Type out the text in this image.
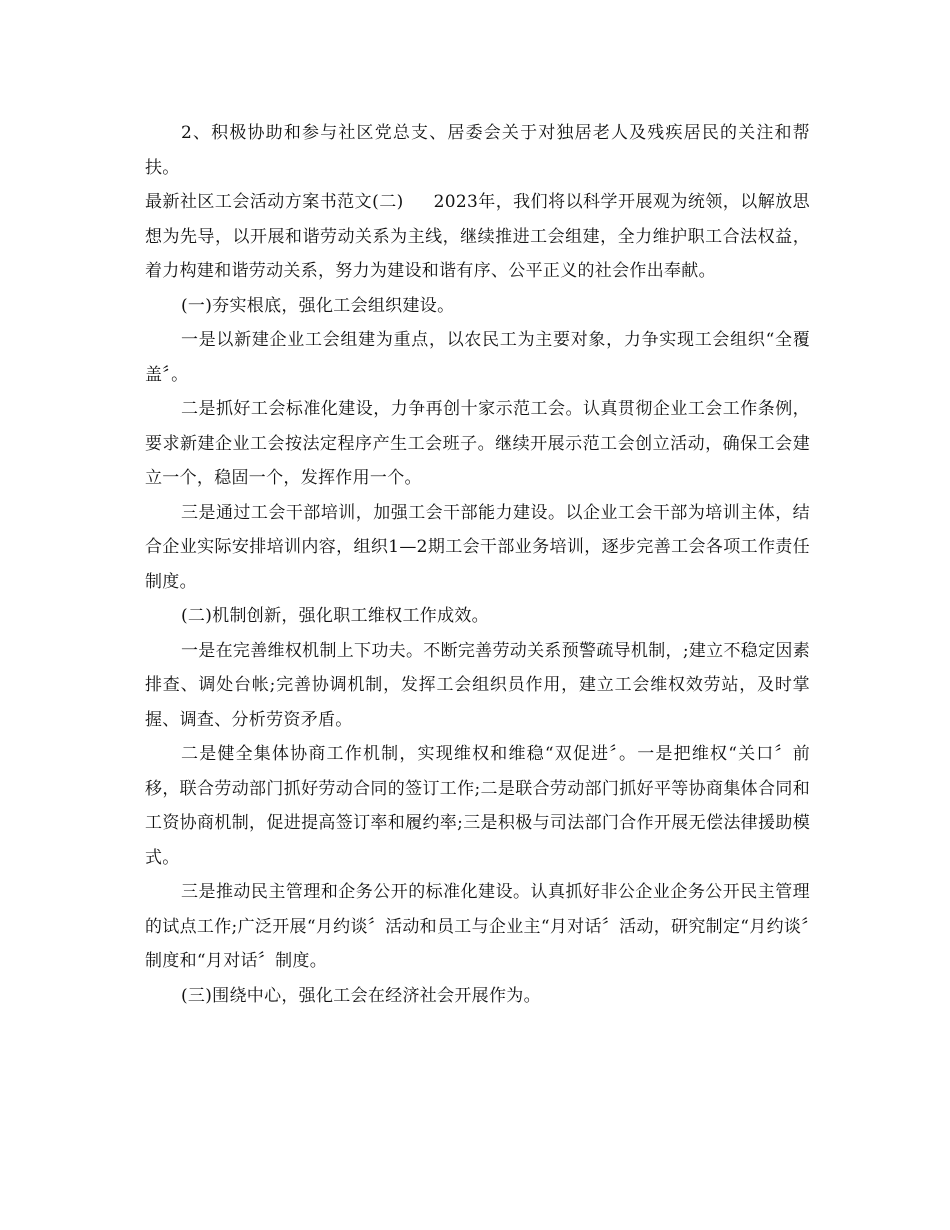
2、积极协助和参与社区党总支、居委会关于对独居老人及残疾居民的关注和帮扶。

最新社区工会活动方案书范文(二) 2023年，我们将以科学开展观为统领，以解放思想为先导，以开展和谐劳动关系为主线，继续推进工会组建，全力维护职工合法权益，着力构建和谐劳动关系，努力为建设和谐有序、公平正义的社会作出奉献。

(一)夯实根底，强化工会组织建设。

一是以新建企业工会组建为重点，以农民工为主要对象，力争实现工会组织“全覆盖〞。

二是抓好工会标准化建设，力争再创十家示范工会。认真贯彻企业工会工作条例，要求新建企业工会按法定程序产生工会班子。继续开展示范工会创立活动，确保工会建立一个，稳固一个，发挥作用一个。

三是通过工会干部培训，加强工会干部能力建设。以企业工会干部为培训主体，结合企业实际安排培训内容，组织1—2期工会干部业务培训，逐步完善工会各项工作责任制度。

(二)机制创新，强化职工维权工作成效。

一是在完善维权机制上下功夫。不断完善劳动关系预警疏导机制，;建立不稳定因素排查、调处台帐;完善协调机制，发挥工会组织员作用，建立工会维权效劳站，及时掌握、调查、分析劳资矛盾。

二是健全集体协商工作机制，实现维权和维稳“双促进〞。一是把维权“关口〞前移，联合劳动部门抓好劳动合同的签订工作;二是联合劳动部门抓好平等协商集体合同和工资协商机制，促进提高签订率和履约率;三是积极与司法部门合作开展无偿法律援助模式。

三是推动民主管理和企务公开的标准化建设。认真抓好非公企业企务公开民主管理的试点工作;广泛开展“月约谈〞活动和员工与企业主“月对话〞活动，研究制定“月约谈〞制度和“月对话〞制度。

(三)围绕中心，强化工会在经济社会开展作为。
